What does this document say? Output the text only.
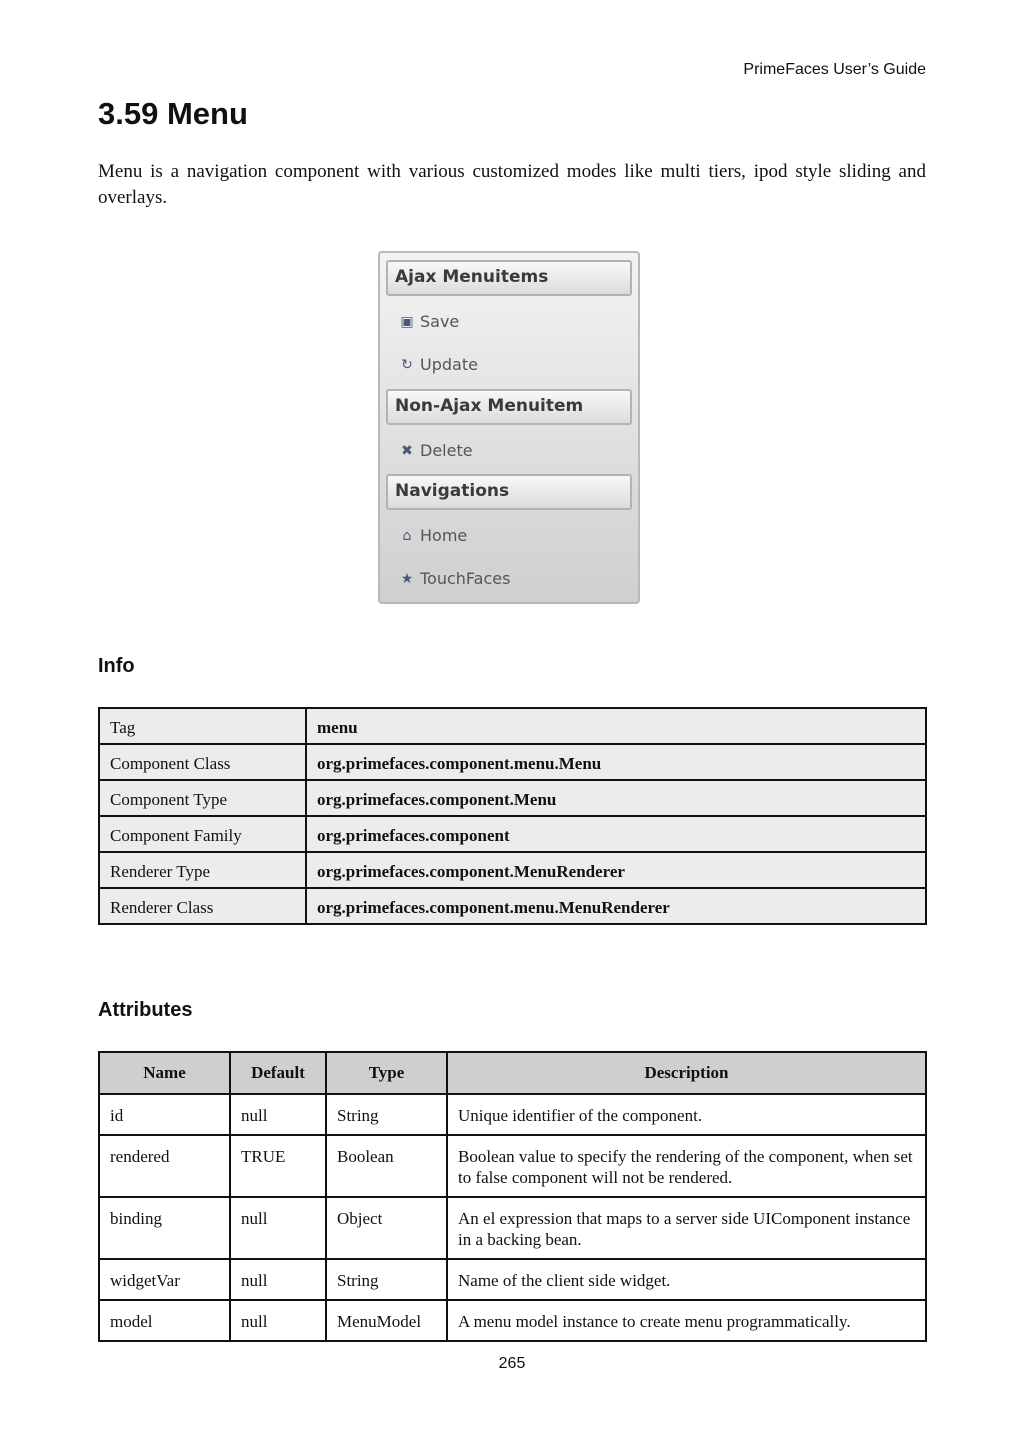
PrimeFaces User’s Guide
3.59 Menu

Menu is a navigation component with various customized modes like multi tiers, ipod style sliding and overlays.

Ajax Menuitems
▣ Save
↻ Update
Non-Ajax Menuitem
✖ Delete
Navigations
⌂ Home
★ TouchFaces
Info
Tag	menu
Component Class	org.primefaces.component.menu.Menu
Component Type	org.primefaces.component.Menu
Component Family	org.primefaces.component
Renderer Type	org.primefaces.component.MenuRenderer
Renderer Class	org.primefaces.component.menu.MenuRenderer
Attributes
Name	Default	Type	Description
id	null	String	Unique identifier of the component.
rendered	TRUE	Boolean	Boolean value to specify the rendering of the component, when set to false component will not be rendered.
binding	null	Object	An el expression that maps to a server side UIComponent instance in a backing bean.
widgetVar	null	String	Name of the client side widget.
model	null	MenuModel	A menu model instance to create menu programmatically.
265
